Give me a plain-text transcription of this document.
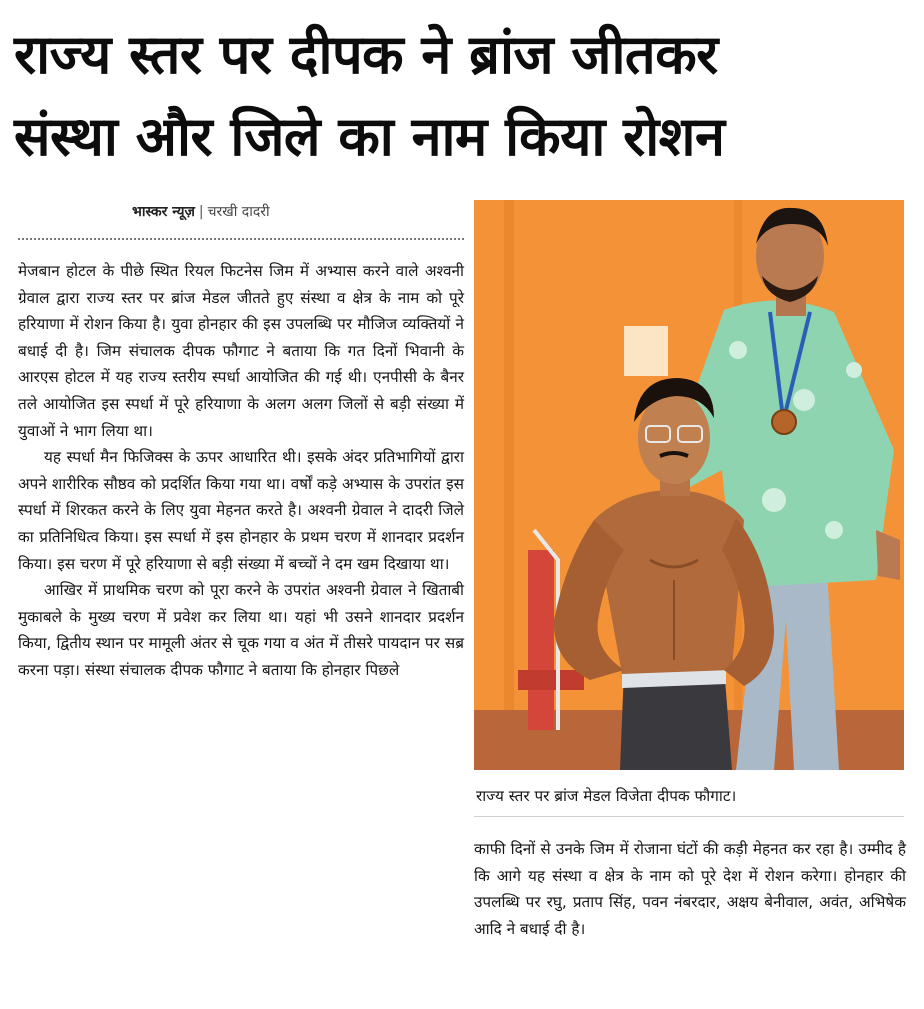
राज्य स्तर पर दीपक ने ब्रांज जीतकर
संस्था और जिले का नाम किया रोशन
भास्कर न्यूज़ | चरखी दादरी

मेजबान होटल के पीछे स्थित रियल फिटनेस जिम में अभ्यास करने वाले अश्वनी ग्रेवाल द्वारा राज्य स्तर पर ब्रांज मेडल जीतते हुए संस्था व क्षेत्र के नाम को पूरे हरियाणा में रोशन किया है। युवा होनहार की इस उपलब्धि पर मौजिज व्यक्तियों ने बधाई दी है। जिम संचालक दीपक फौगाट ने बताया कि गत दिनों भिवानी के आरएस होटल में यह राज्य स्तरीय स्पर्धा आयोजित की गई थी। एनपीसी के बैनर तले आयोजित इस स्पर्धा में पूरे हरियाणा के अलग अलग जिलों से बड़ी संख्या में युवाओं ने भाग लिया था।

यह स्पर्धा मैन फिजिक्स के ऊपर आधारित थी। इसके अंदर प्रतिभागियों द्वारा अपने शारीरिक सौष्ठव को प्रदर्शित किया गया था। वर्षों कड़े अभ्यास के उपरांत इस स्पर्धा में शिरकत करने के लिए युवा मेहनत करते है। अश्वनी ग्रेवाल ने दादरी जिले का प्रतिनिधित्व किया। इस स्पर्धा में इस होनहार के प्रथम चरण में शानदार प्रदर्शन किया। इस चरण में पूरे हरियाणा से बड़ी संख्या में बच्चों ने दम खम दिखाया था।

आखिर में प्राथमिक चरण को पूरा करने के उपरांत अश्वनी ग्रेवाल ने खिताबी मुकाबले के मुख्य चरण में प्रवेश कर लिया था। यहां भी उसने शानदार प्रदर्शन किया, द्वितीय स्थान पर मामूली अंतर से चूक गया व अंत में तीसरे पायदान पर सब्र करना पड़ा। संस्था संचालक दीपक फौगाट ने बताया कि होनहार पिछले

राज्य स्तर पर ब्रांज मेडल विजेता दीपक फौगाट।

काफी दिनों से उनके जिम में रोजाना घंटों की कड़ी मेहनत कर रहा है। उम्मीद है कि आगे यह संस्था व क्षेत्र के नाम को पूरे देश में रोशन करेगा। होनहार की उपलब्धि पर रघु, प्रताप सिंह, पवन नंबरदार, अक्षय बेनीवाल, अवंत, अभिषेक आदि ने बधाई दी है।
